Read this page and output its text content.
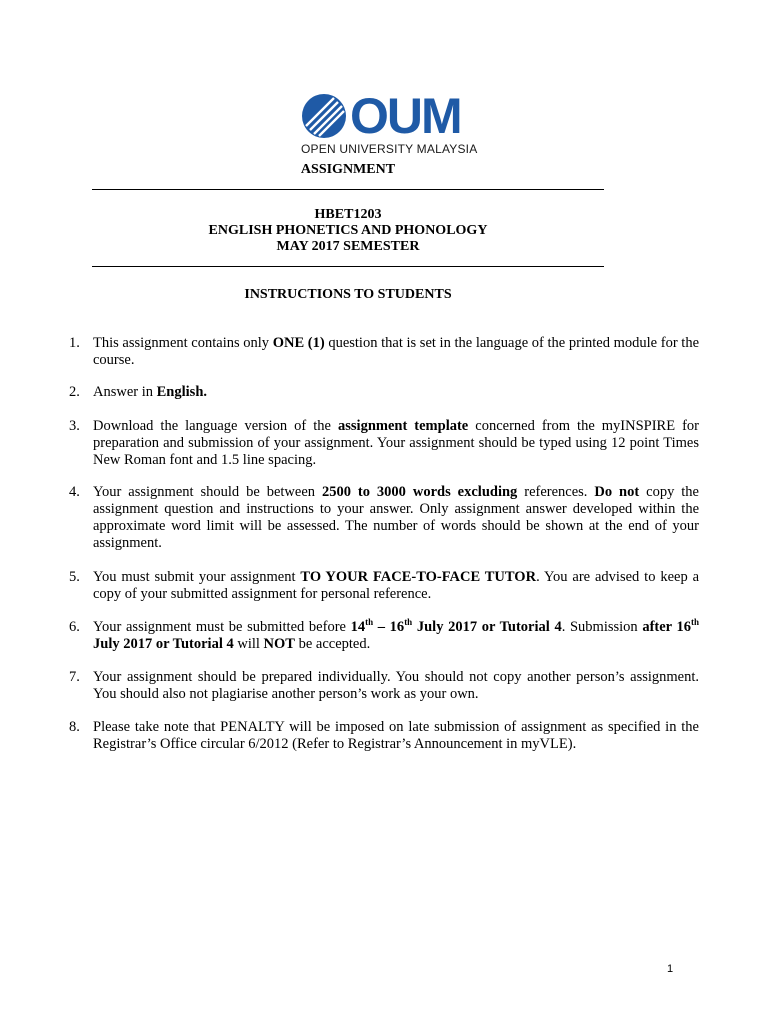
OUM
OPEN UNIVERSITY MALAYSIA
ASSIGNMENT
HBET1203
ENGLISH PHONETICS AND PHONOLOGY
MAY 2017 SEMESTER
INSTRUCTIONS TO STUDENTS
1. This assignment contains only ONE (1) question that is set in the language of the printed module for the course.
2. Answer in English.
3. Download the language version of the assignment template concerned from the myINSPIRE for preparation and submission of your assignment. Your assignment should be typed using 12 point Times New Roman font and 1.5 line spacing.
4. Your assignment should be between 2500 to 3000 words excluding references. Do not copy the assignment question and instructions to your answer. Only assignment answer developed within the approximate word limit will be assessed. The number of words should be shown at the end of your assignment.
5. You must submit your assignment TO YOUR FACE-TO-FACE TUTOR. You are advised to keep a copy of your submitted assignment for personal reference.
6. Your assignment must be submitted before 14th – 16th July 2017 or Tutorial 4. Submission after 16th July 2017 or Tutorial 4 will NOT be accepted.
7. Your assignment should be prepared individually. You should not copy another person’s assignment. You should also not plagiarise another person’s work as your own.
8. Please take note that PENALTY will be imposed on late submission of assignment as specified in the Registrar’s Office circular 6/2012 (Refer to Registrar’s Announcement in myVLE).
1
